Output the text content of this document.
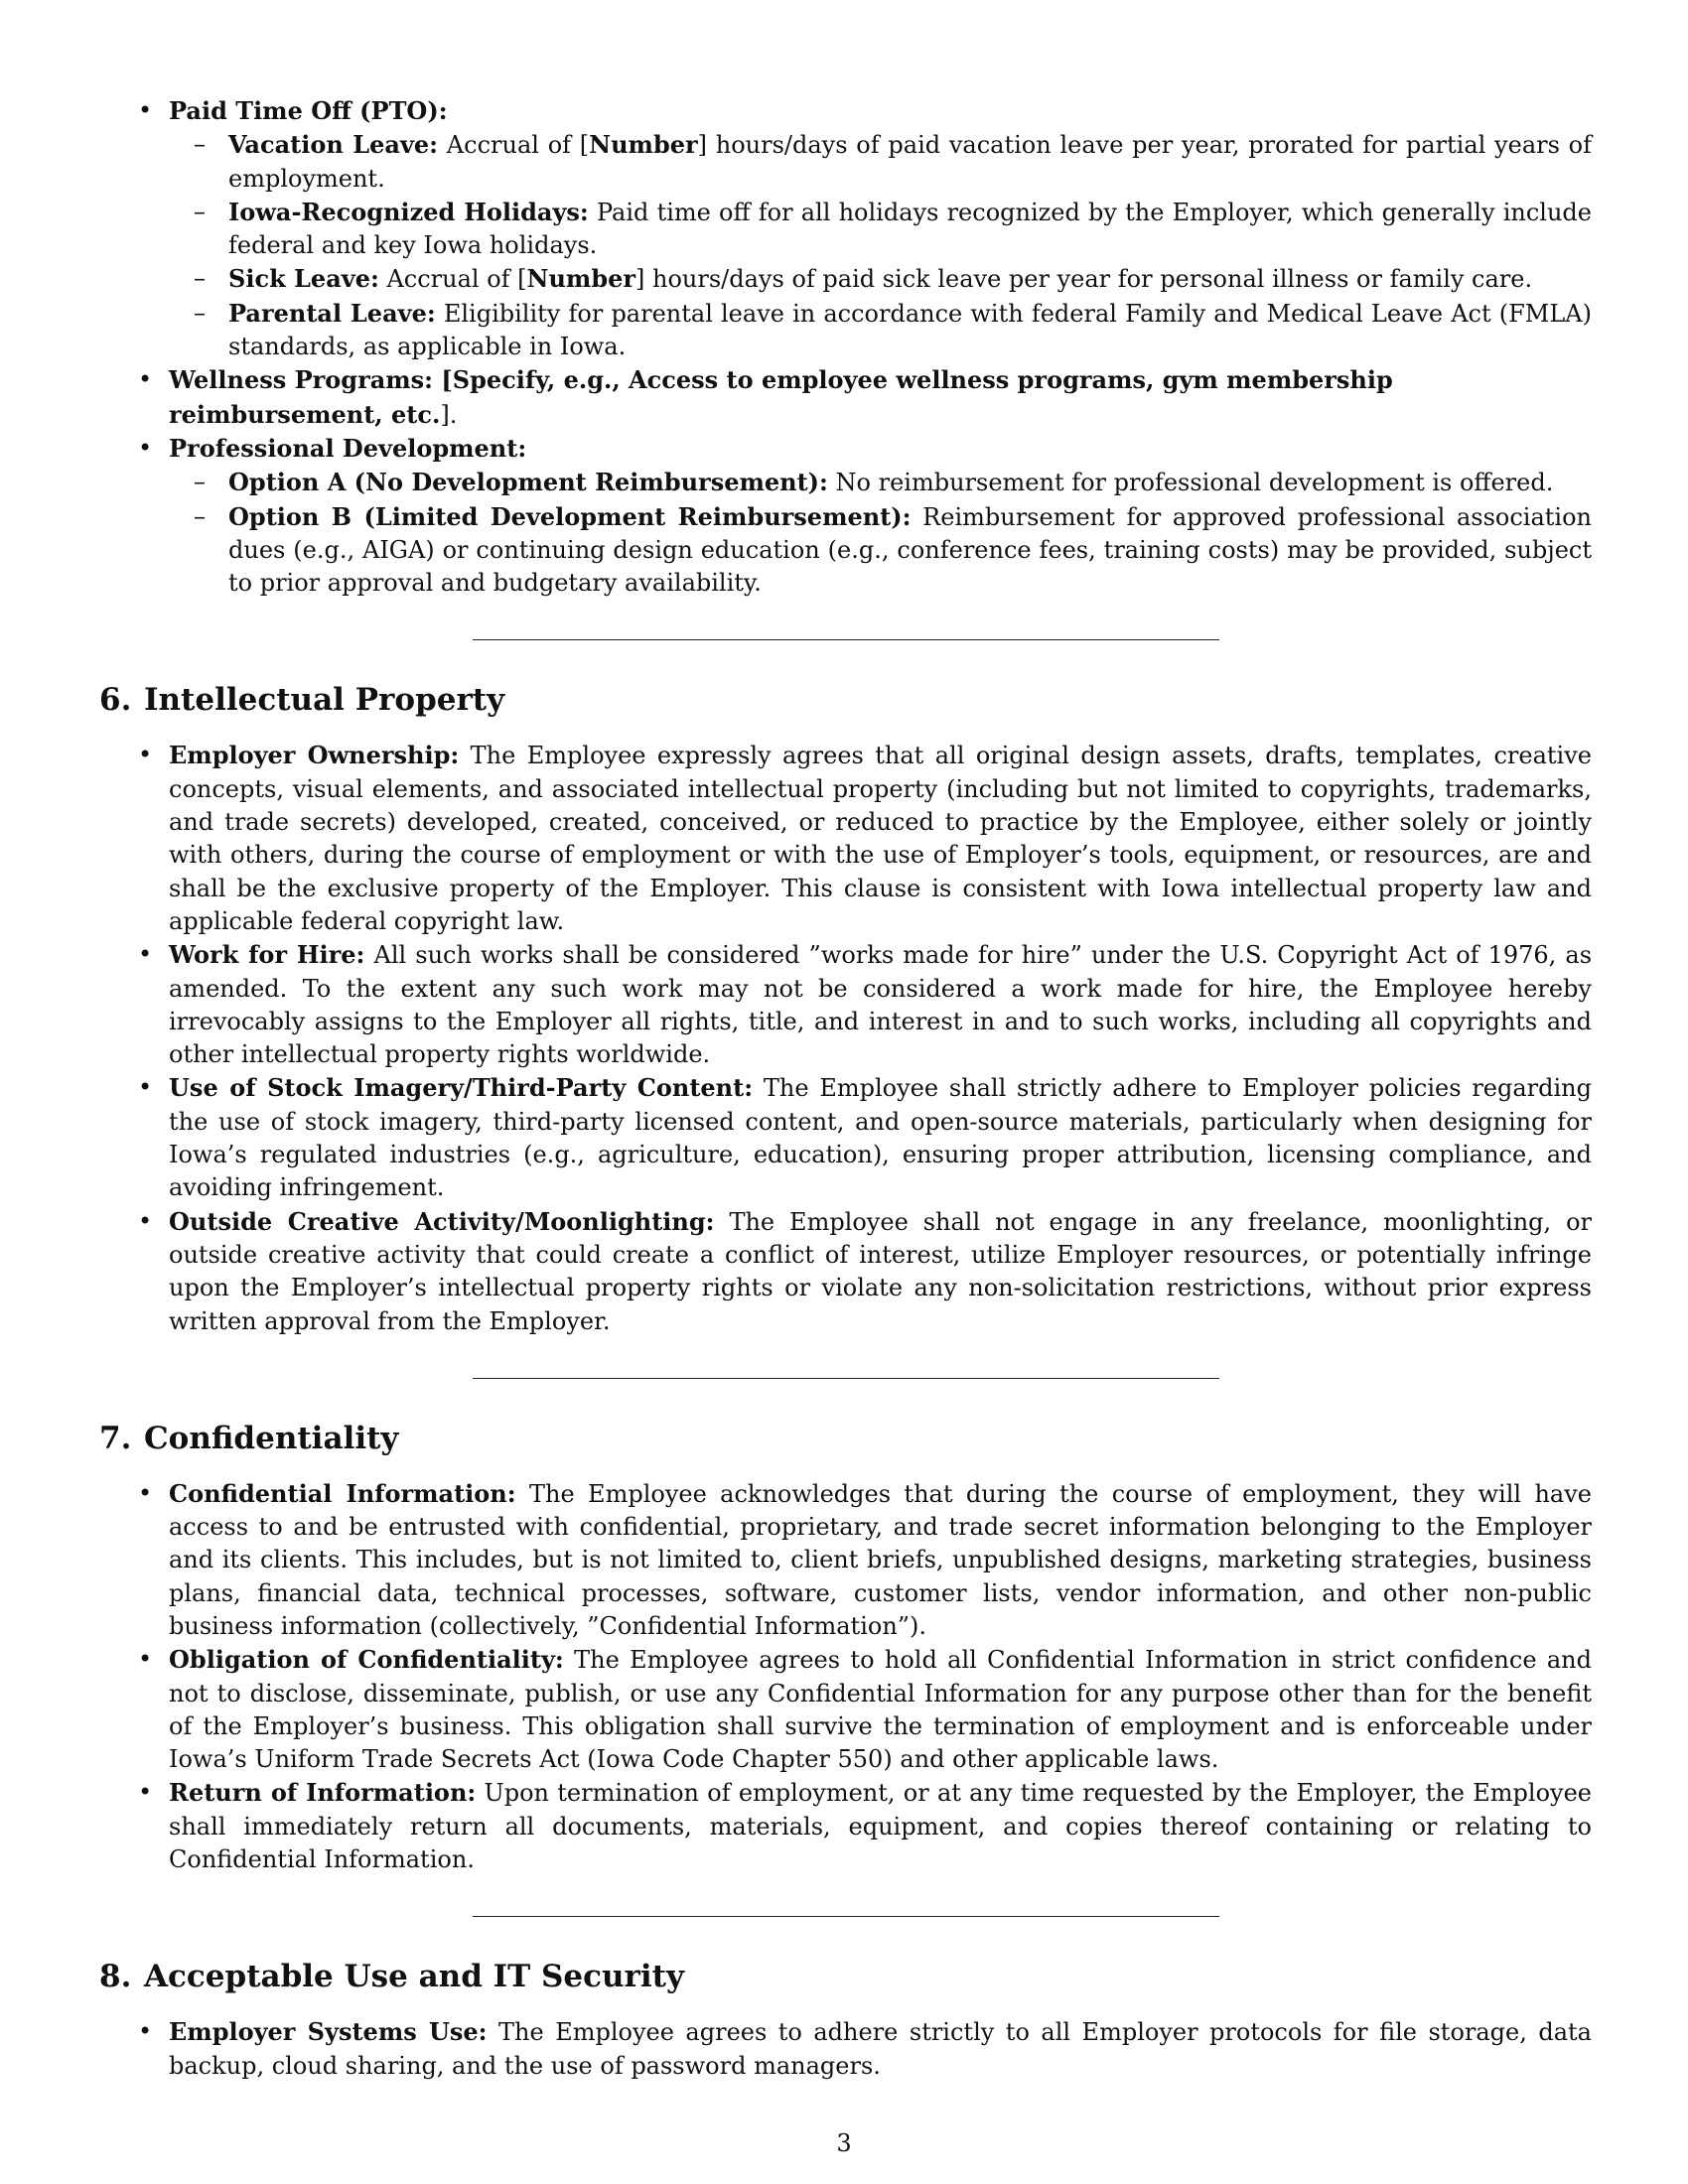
• Paid Time Off (PTO):
– Vacation Leave: Accrual of [Number] hours/days of paid vacation leave per year, prorated for partial years of employment.
– Iowa-Recognized Holidays: Paid time off for all holidays recognized by the Employer, which generally include federal and key Iowa holidays.
– Sick Leave: Accrual of [Number] hours/days of paid sick leave per year for personal illness or family care.
– Parental Leave: Eligibility for parental leave in accordance with federal Family and Medical Leave Act (FMLA) standards, as applicable in Iowa.
• Wellness Programs: [Specify, e.g., Access to employee wellness programs, gym membership reimbursement, etc.].
• Professional Development:
– Option A (No Development Reimbursement): No reimbursement for professional development is offered.
– Option B (Limited Development Reimbursement): Reimbursement for approved professional association dues (e.g., AIGA) or continuing design education (e.g., conference fees, training costs) may be provided, subject to prior approval and budgetary availability.
6. Intellectual Property
• Employer Ownership: The Employee expressly agrees that all original design assets, drafts, templates, creative concepts, visual elements, and associated intellectual property (including but not limited to copyrights, trademarks, and trade secrets) developed, created, conceived, or reduced to practice by the Employee, either solely or jointly with others, during the course of employment or with the use of Employer’s tools, equipment, or resources, are and shall be the exclusive property of the Employer. This clause is consistent with Iowa intellectual property law and applicable federal copyright law.
• Work for Hire: All such works shall be considered ”works made for hire” under the U.S. Copyright Act of 1976, as amended. To the extent any such work may not be considered a work made for hire, the Employee hereby irrevocably assigns to the Employer all rights, title, and interest in and to such works, including all copyrights and other intellectual property rights worldwide.
• Use of Stock Imagery/Third-Party Content: The Employee shall strictly adhere to Employer policies regarding the use of stock imagery, third-party licensed content, and open-source materials, particularly when designing for Iowa’s regulated industries (e.g., agriculture, education), ensuring proper attribution, licensing compliance, and avoiding infringement.
• Outside Creative Activity/Moonlighting: The Employee shall not engage in any freelance, moonlighting, or outside creative activity that could create a conflict of interest, utilize Employer resources, or potentially infringe upon the Employer’s intellectual property rights or violate any non-solicitation restrictions, without prior express written approval from the Employer.
7. Confidentiality
• Confidential Information: The Employee acknowledges that during the course of employment, they will have access to and be entrusted with confidential, proprietary, and trade secret information belonging to the Employer and its clients. This includes, but is not limited to, client briefs, unpublished designs, marketing strategies, business plans, financial data, technical processes, software, customer lists, vendor information, and other non-public business information (collectively, ”Confidential Information”).
• Obligation of Confidentiality: The Employee agrees to hold all Confidential Information in strict confidence and not to disclose, disseminate, publish, or use any Confidential Information for any purpose other than for the benefit of the Employer’s business. This obligation shall survive the termination of employment and is enforceable under Iowa’s Uniform Trade Secrets Act (Iowa Code Chapter 550) and other applicable laws.
• Return of Information: Upon termination of employment, or at any time requested by the Employer, the Employee shall immediately return all documents, materials, equipment, and copies thereof containing or relating to Confidential Information.
8. Acceptable Use and IT Security
• Employer Systems Use: The Employee agrees to adhere strictly to all Employer protocols for file storage, data backup, cloud sharing, and the use of password managers.
3
